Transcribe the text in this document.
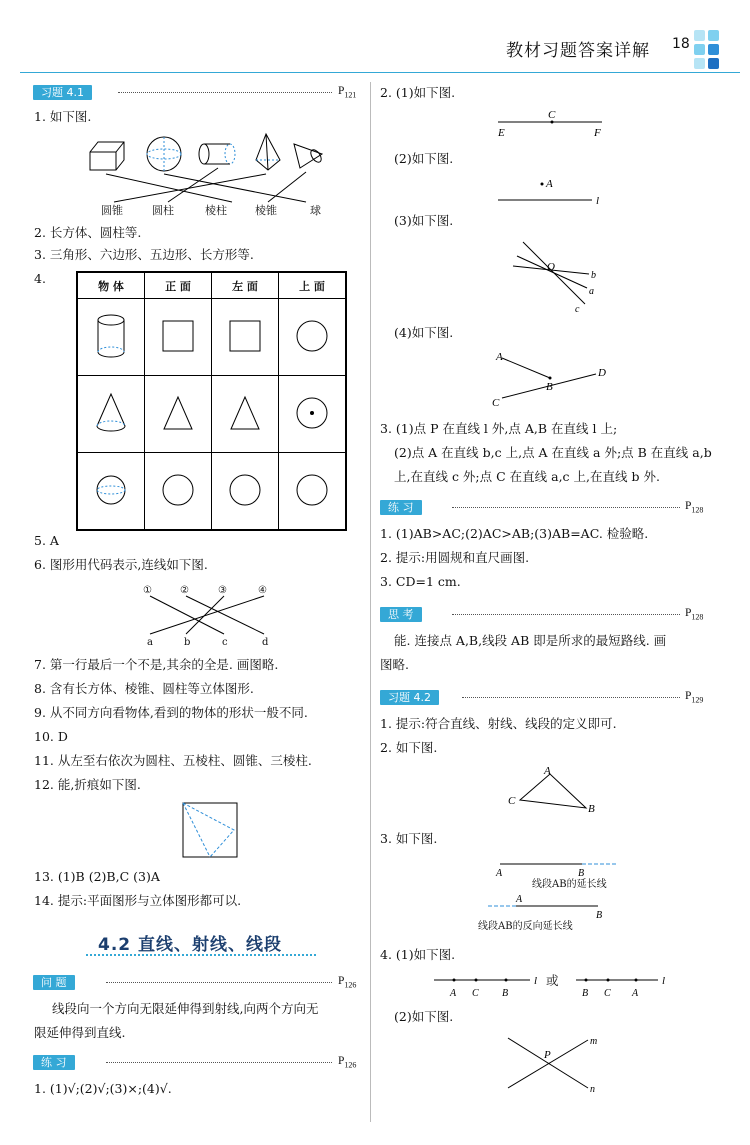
教材习题答案详解 18
习题 4.1	$P_{121}$
1. 如下图.
圆锥	圆柱	棱柱	棱锥	球
2. 长方体、圆柱等.
3. 三角形、六边形、五边形、长方形等.
4.	物 体	正 面	左 面	上 面

5. A
6. 图形用代码表示,连线如下图.
①	②	③	④
a	b	c	d
7. 第一行最后一个不是,其余的全是. 画图略.
8. 含有长方体、棱锥、圆柱等立体图形.
9. 从不同方向看物体,看到的物体的形状一般不同.
10. D
11. 从左至右依次为圆柱、五棱柱、圆锥、三棱柱.
12. 能,折痕如下图.
13. (1)B (2)B,C (3)A
14. 提示:平面图形与立体图形都可以.
4.2 直线、射线、线段
问 题	$P_{126}$
线段向一个方向无限延伸得到射线,向两个方向无
限延伸得到直线.
练 习	$P_{126}$
1. (1)√;(2)√;(3)×;(4)√.
2. (1)如下图.
C
E	F
(2)如下图.
A
l
(3)如下图.
O
b
a
c
(4)如下图.
A
B
C
D
3. (1)点 P 在直线 l 外,点 A,B 在直线 l 上;
(2)点 A 在直线 b,c 上,点 A 在直线 a 外;点 B 在直线 a,b
上,在直线 c 外;点 C 在直线 a,c 上,在直线 b 外.
练 习	$P_{128}$
1. (1)AB>AC;(2)AC>AB;(3)AB=AC. 检验略.
2. 提示:用圆规和直尺画图.
3. CD=1 cm.
思 考	$P_{128}$
能. 连接点 A,B,线段 AB 即是所求的最短路线. 画
图略.
习题 4.2	$P_{129}$
1. 提示:符合直线、射线、线段的定义即可.
2. 如下图.
A
C
B
3. 如下图.
A	B
A
B
线段AB的延长线
线段AB的反向延长线
4. (1)如下图.
l	l
A C B	B C A
或
(2)如下图.
P
m
n
